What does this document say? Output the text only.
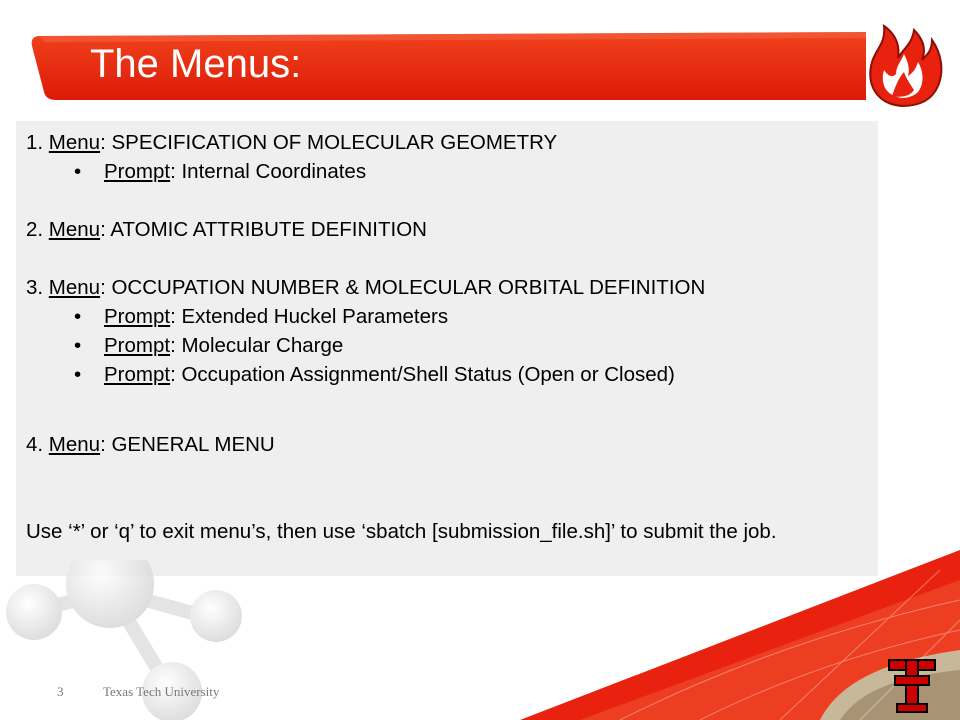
The Menus:
1. Menu: SPECIFICATION OF MOLECULAR GEOMETRY
• Prompt: Internal Coordinates
2. Menu: ATOMIC ATTRIBUTE DEFINITION
3. Menu: OCCUPATION NUMBER & MOLECULAR ORBITAL DEFINITION
• Prompt: Extended Huckel Parameters
• Prompt: Molecular Charge
• Prompt: Occupation Assignment/Shell Status (Open or Closed)
4. Menu: GENERAL MENU
Use ‘*’ or ‘q’ to exit menu’s, then use ‘sbatch [submission_file.sh]’ to submit the job.
3	Texas Tech University
